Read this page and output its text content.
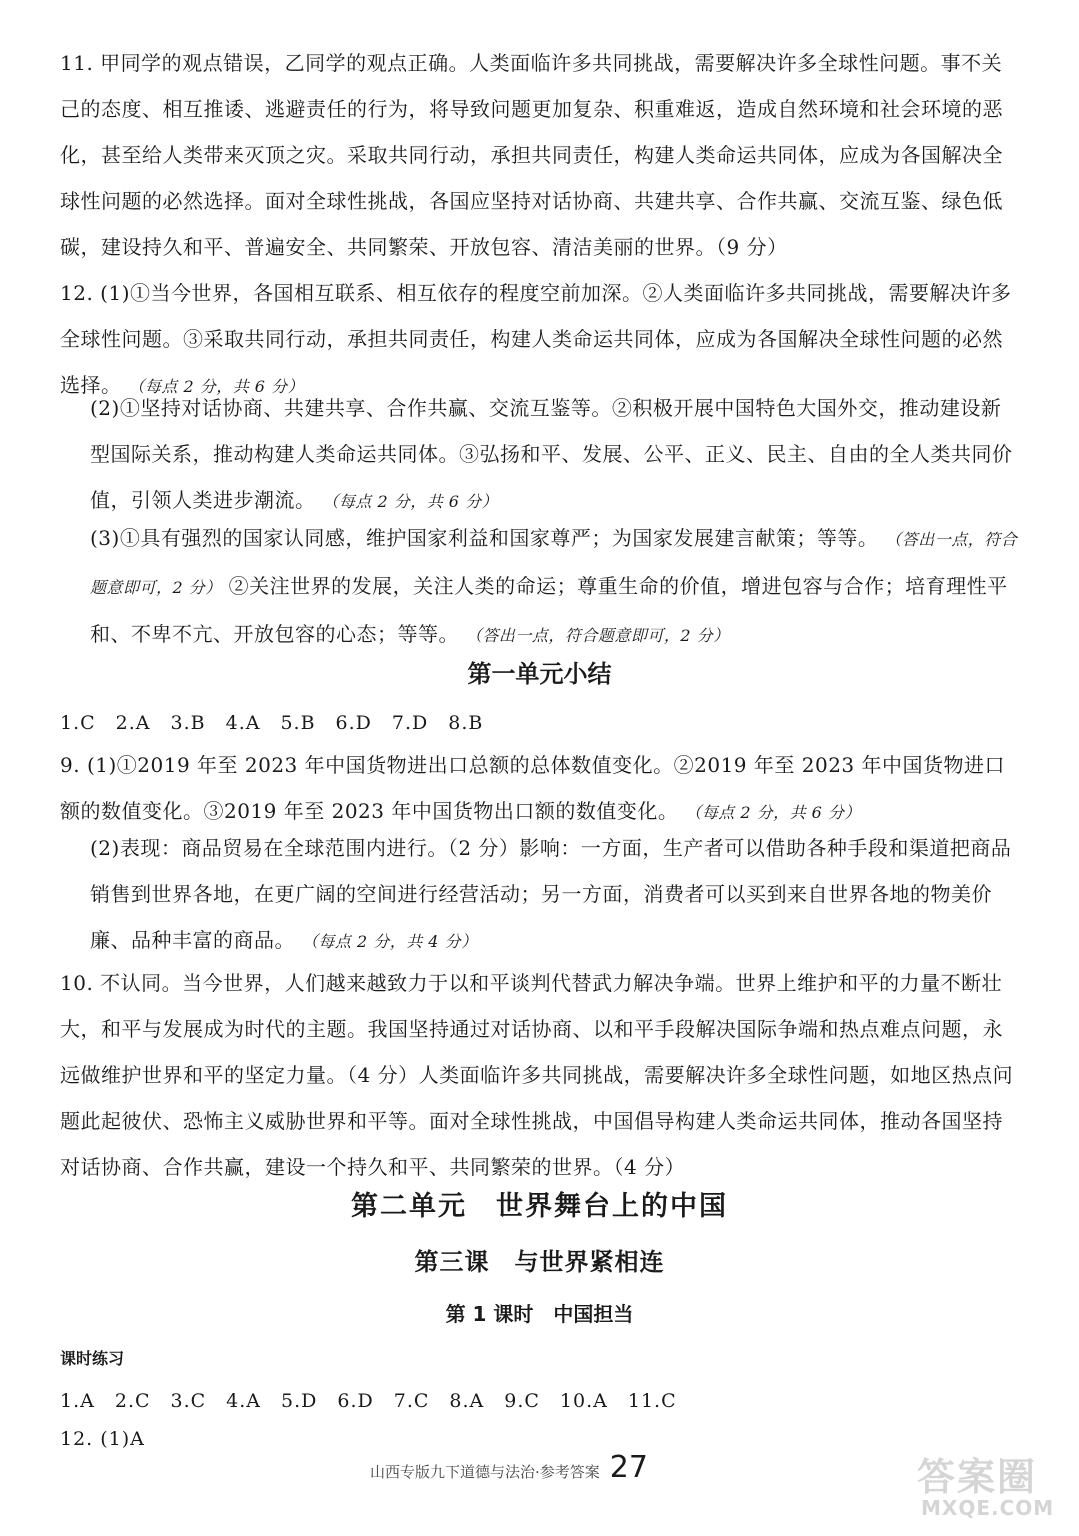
11. 甲同学的观点错误，乙同学的观点正确。人类面临许多共同挑战，需要解决许多全球性问题。事不关己的态度、相互推诿、逃避责任的行为，将导致问题更加复杂、积重难返，造成自然环境和社会环境的恶化，甚至给人类带来灭顶之灾。采取共同行动，承担共同责任，构建人类命运共同体，应成为各国解决全球性问题的必然选择。面对全球性挑战，各国应坚持对话协商、共建共享、合作共赢、交流互鉴、绿色低碳，建设持久和平、普遍安全、共同繁荣、开放包容、清洁美丽的世界。（9 分）

12. (1)①当今世界，各国相互联系、相互依存的程度空前加深。②人类面临许多共同挑战，需要解决许多全球性问题。③采取共同行动，承担共同责任，构建人类命运共同体，应成为各国解决全球性问题的必然选择。 （每点 2 分，共 6 分）

(2)①坚持对话协商、共建共享、合作共赢、交流互鉴等。②积极开展中国特色大国外交，推动建设新型国际关系，推动构建人类命运共同体。③弘扬和平、发展、公平、正义、民主、自由的全人类共同价值，引领人类进步潮流。 （每点 2 分，共 6 分）

(3)①具有强烈的国家认同感，维护国家利益和国家尊严；为国家发展建言献策；等等。 （答出一点，符合题意即可，2 分） ②关注世界的发展，关注人类的命运；尊重生命的价值，增进包容与合作；培育理性平和、不卑不亢、开放包容的心态；等等。 （答出一点，符合题意即可，2 分）

第一单元小结

1.C　2.A　3.B　4.A　5.B　6.D　7.D　8.B

9. (1)①2019 年至 2023 年中国货物进出口总额的总体数值变化。②2019 年至 2023 年中国货物进口额的数值变化。③2019 年至 2023 年中国货物出口额的数值变化。 （每点 2 分，共 6 分）

(2)表现：商品贸易在全球范围内进行。（2 分）影响：一方面，生产者可以借助各种手段和渠道把商品销售到世界各地，在更广阔的空间进行经营活动；另一方面，消费者可以买到来自世界各地的物美价廉、品种丰富的商品。 （每点 2 分，共 4 分）

10. 不认同。当今世界，人们越来越致力于以和平谈判代替武力解决争端。世界上维护和平的力量不断壮大，和平与发展成为时代的主题。我国坚持通过对话协商、以和平手段解决国际争端和热点难点问题，永远做维护世界和平的坚定力量。（4 分）人类面临许多共同挑战，需要解决许多全球性问题，如地区热点问题此起彼伏、恐怖主义威胁世界和平等。面对全球性挑战，中国倡导构建人类命运共同体，推动各国坚持对话协商、合作共赢，建设一个持久和平、共同繁荣的世界。（4 分）

第二单元　世界舞台上的中国
第三课　与世界紧相连
第 1 课时　中国担当

课时练习

1.A　2.C　3.C　4.A　5.D　6.D　7.C　8.A　9.C　10.A　11.C

12. (1)A

山西专版九下道德与法治·参考答案 27	答案圈
MXQE.COM
